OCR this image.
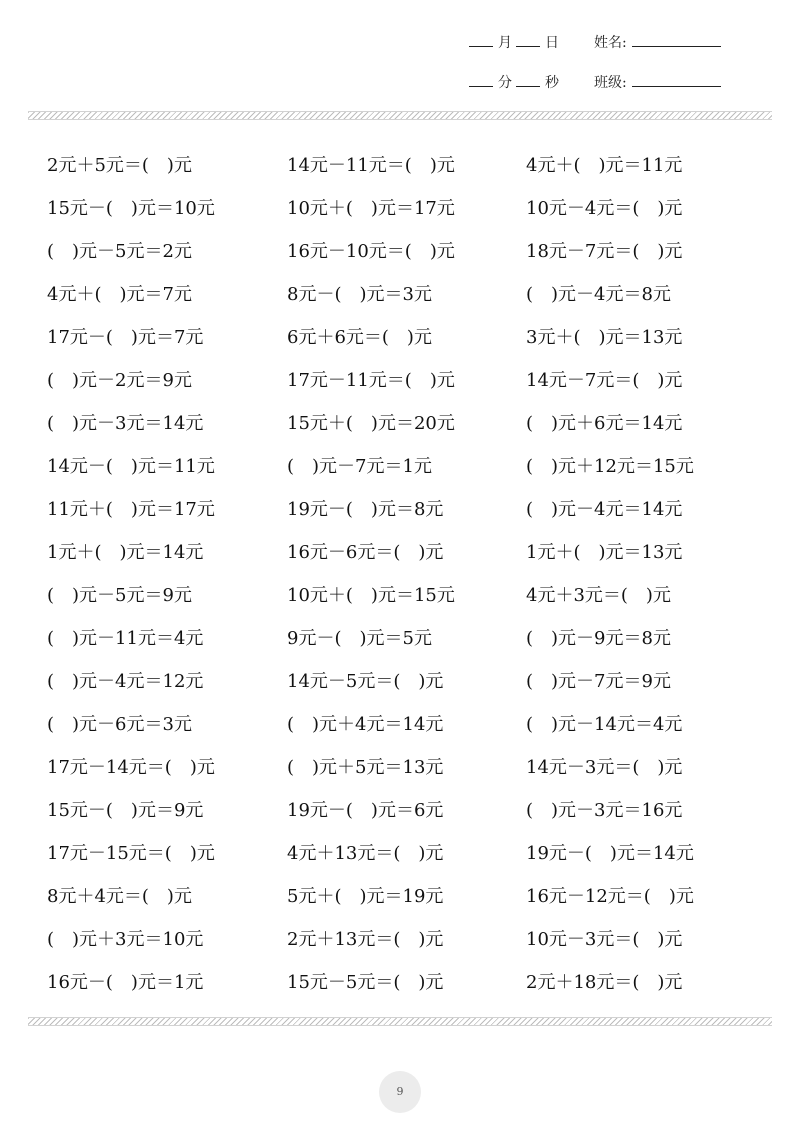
月 日	姓名:
分 秒	班级:
2元＋5元＝(　)元	14元－11元＝(　)元	4元＋(　)元＝11元
15元－(　)元＝10元	10元＋(　)元＝17元	10元－4元＝(　)元
(　)元－5元＝2元	16元－10元＝(　)元	18元－7元＝(　)元
4元＋(　)元＝7元	8元－(　)元＝3元	(　)元－4元＝8元
17元－(　)元＝7元	6元＋6元＝(　)元	3元＋(　)元＝13元
(　)元－2元＝9元	17元－11元＝(　)元	14元－7元＝(　)元
(　)元－3元＝14元	15元＋(　)元＝20元	(　)元＋6元＝14元
14元－(　)元＝11元	(　)元－7元＝1元	(　)元＋12元＝15元
11元＋(　)元＝17元	19元－(　)元＝8元	(　)元－4元＝14元
1元＋(　)元＝14元	16元－6元＝(　)元	1元＋(　)元＝13元
(　)元－5元＝9元	10元＋(　)元＝15元	4元＋3元＝(　)元
(　)元－11元＝4元	9元－(　)元＝5元	(　)元－9元＝8元
(　)元－4元＝12元	14元－5元＝(　)元	(　)元－7元＝9元
(　)元－6元＝3元	(　)元＋4元＝14元	(　)元－14元＝4元
17元－14元＝(　)元	(　)元＋5元＝13元	14元－3元＝(　)元
15元－(　)元＝9元	19元－(　)元＝6元	(　)元－3元＝16元
17元－15元＝(　)元	4元＋13元＝(　)元	19元－(　)元＝14元
8元＋4元＝(　)元	5元＋(　)元＝19元	16元－12元＝(　)元
(　)元＋3元＝10元	2元＋13元＝(　)元	10元－3元＝(　)元
16元－(　)元＝1元	15元－5元＝(　)元	2元＋18元＝(　)元
9
